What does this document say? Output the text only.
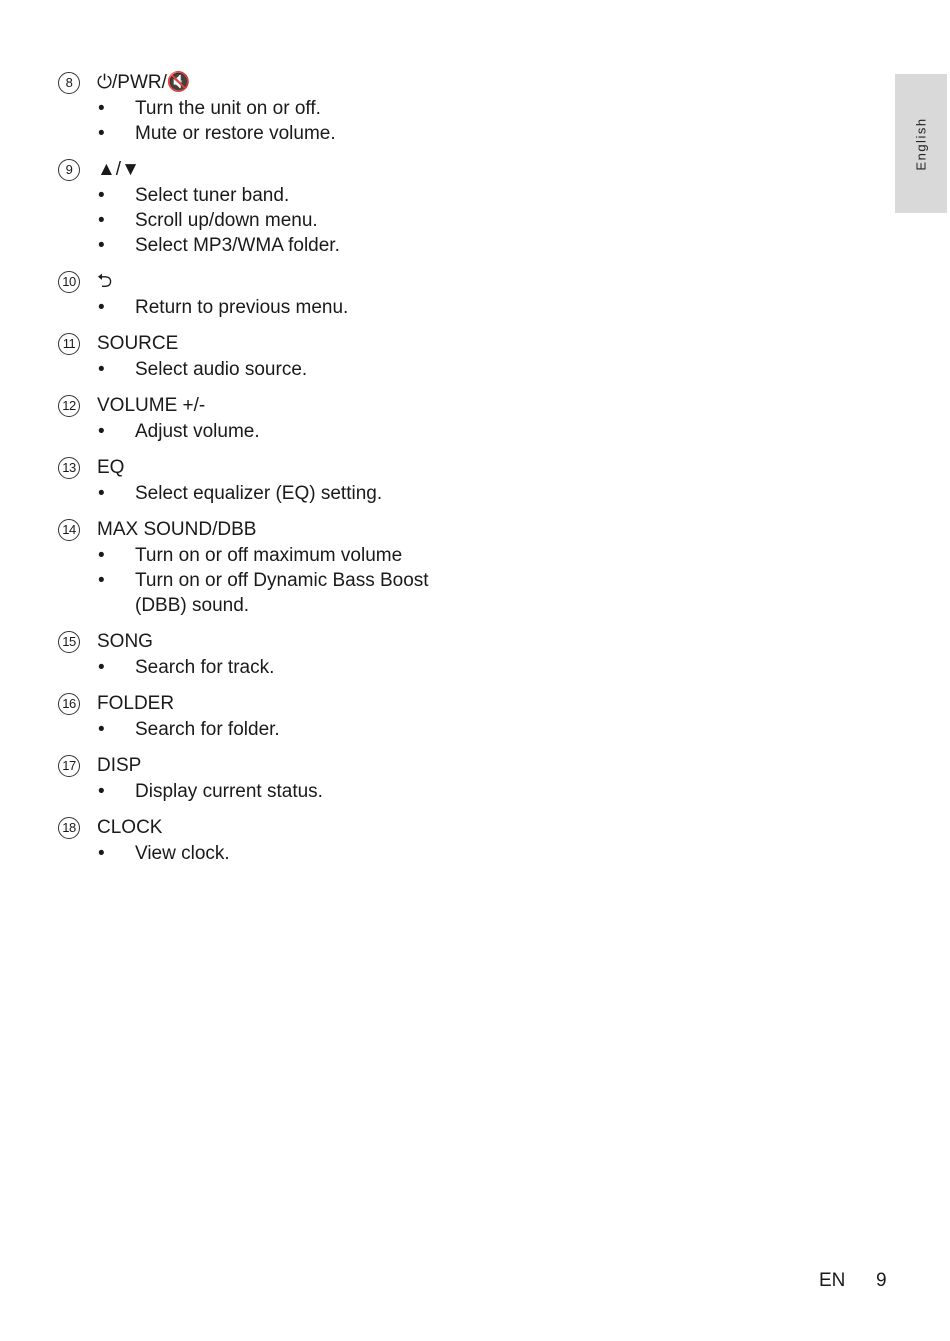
English
8	⏻/PWR/🔇
• Turn the unit on or off.
• Mute or restore volume.
9	▲/▼
• Select tuner band.
• Scroll up/down menu.
• Select MP3/WMA folder.
10 ⮌
• Return to previous menu.
11 SOURCE
• Select audio source.
12 VOLUME +/-
• Adjust volume.
13 EQ
• Select equalizer (EQ) setting.
14 MAX SOUND/DBB
• Turn on or off maximum volume
• Turn on or off Dynamic Bass Boost (DBB) sound.
15 SONG
• Search for track.
16 FOLDER
• Search for folder.
17 DISP
• Display current status.
18 CLOCK
• View clock.
EN 9
